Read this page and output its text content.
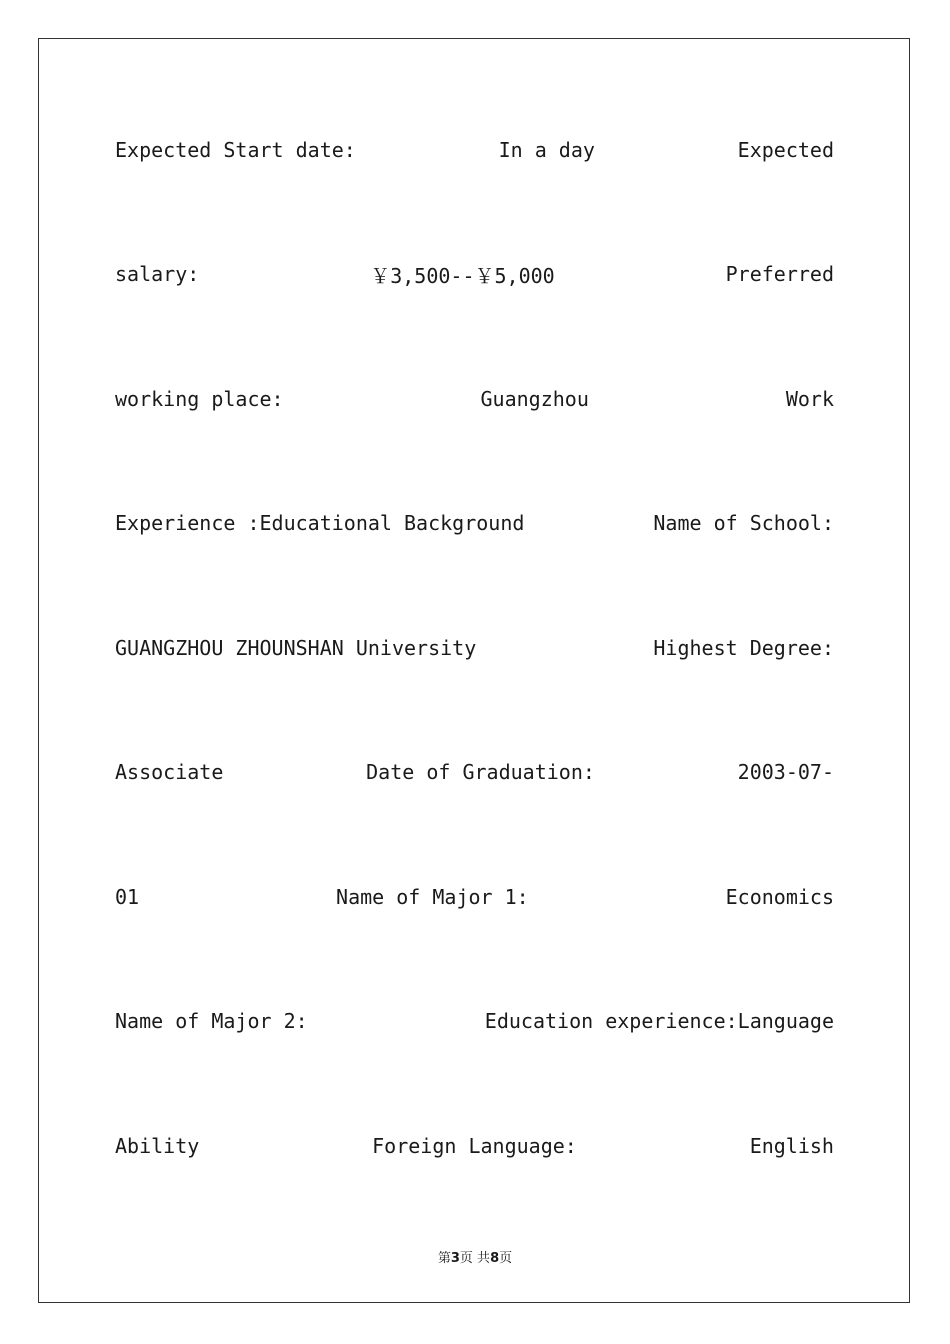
Expected Start date:	In a day	Expected
salary:	￥3,500--￥5,000	Preferred
working place:	Guangzhou	Work
Experience :Educational Background	Name of School:
GUANGZHOU ZHOUNSHAN University	Highest Degree:
Associate	Date of Graduation:	2003-07-
01	Name of Major 1:	Economics
Name of Major 2:	Education experience:Language
Ability	Foreign Language:	English
第3页 共8页
